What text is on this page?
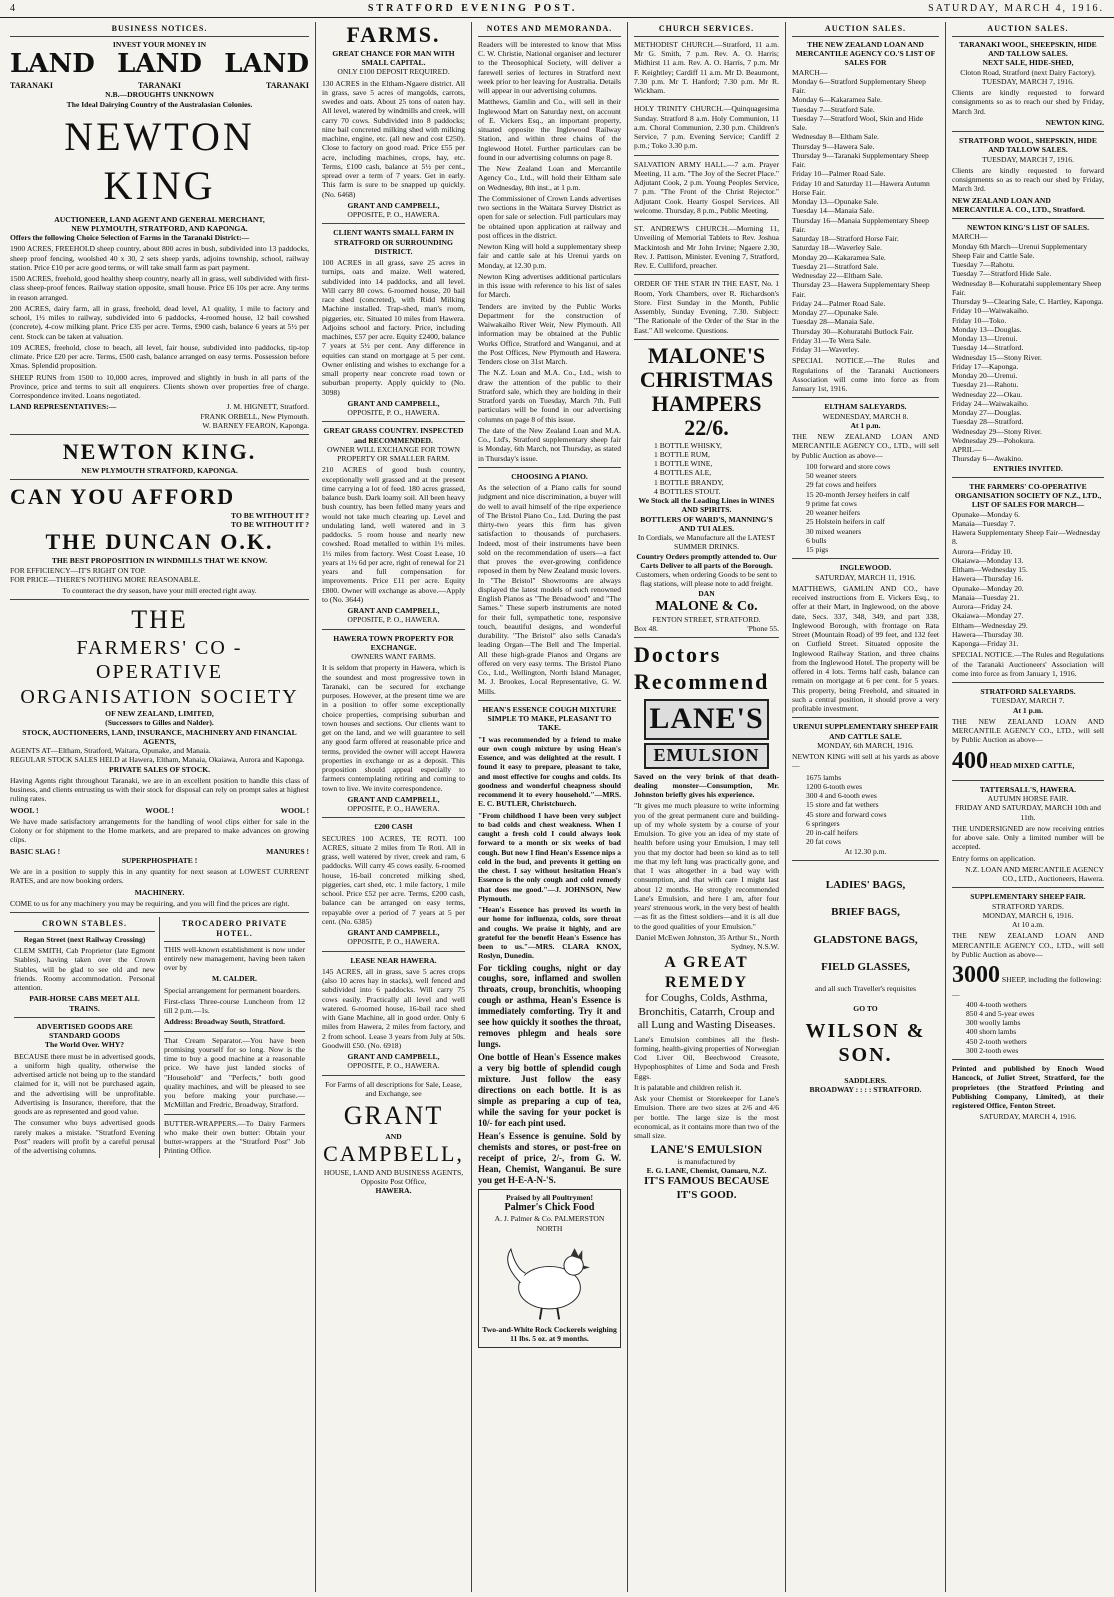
4	STRATFORD EVENING POST.	SATURDAY, MARCH 4, 1916.
BUSINESS NOTICES.
INVEST YOUR MONEY IN
LAND LAND LAND
TARANAKI	TARANAKI	TARANAKI
N.B.—DROUGHTS UNKNOWN
The Ideal Dairying Country of the Australasian Colonies.
NEWTON KING
AUCTIONEER, LAND AGENT AND GENERAL MERCHANT,
NEW PLYMOUTH, STRATFORD, AND KAPONGA.
Offers the following Choice Selection of Farms in the Taranaki District:—

1900 ACRES, FREEHOLD sheep country, about 800 acres in bush, subdivided into 13 paddocks, sheep proof fencing, woolshed 40 x 30, 2 sets sheep yards, adjoins township, school, railway station. Price £10 per acre good terms, or will take small farm as part payment.

1500 ACRES, freehold, good healthy sheep country, nearly all in grass, well subdivided with first-class sheep-proof fences. Railway station opposite, small house. Price £6 10s per acre. Any terms in reason arranged.

200 ACRES, dairy farm, all in grass, freehold, dead level, A1 quality, 1 mile to factory and school, 1½ miles to railway, subdivided into 6 paddocks, 4-roomed house, 12 bail cowshed (concrete), 4-cow milking plant. Price £35 per acre. Terms, £900 cash, balance 6 years at 5½ per cent. Stock can be taken at valuation.

109 ACRES, freehold, close to beach, all level, fair house, subdivided into paddocks, tip-top climate. Price £20 per acre. Terms, £500 cash, balance arranged on easy terms. Possession before Xmas. Splendid proposition.

SHEEP RUNS from 1500 to 10,000 acres, improved and slightly in bush in all parts of the Province, price and terms to suit all enquirers. Clients shown over properties free of charge. Correspondence invited. Loans negotiated.

LAND REPRESENTATIVES:—	J. M. HIGNETT, Stratford.
FRANK ORBELL, New Plymouth.
W. BARNEY FEARON, Kaponga.
NEWTON KING.
NEW PLYMOUTH STRATFORD, KAPONGA.
CAN YOU AFFORD
TO BE WITHOUT IT ?
TO BE WITHOUT IT ?
THE DUNCAN O.K.
THE BEST PROPOSITION IN WINDMILLS THAT WE KNOW.
FOR EFFICIENCY—IT'S RIGHT ON TOP.
FOR PRICE—THERE'S NOTHING MORE REASONABLE.

To counteract the dry season, have your mill erected right away.

THE
FARMERS' CO - OPERATIVE ORGANISATION SOCIETY
OF NEW ZEALAND, LIMITED,
(Successors to Gilles and Nalder).
STOCK, AUCTIONEERS, LAND, INSURANCE, MACHINERY AND FINANCIAL AGENTS,
AGENTS AT—Eltham, Stratford, Waitara, Opunake, and Manaia.
REGULAR STOCK SALES HELD at Hawera, Eltham, Manaia, Okaiawa, Aurora and Kaponga.
PRIVATE SALES OF STOCK.

Having Agents right throughout Taranaki, we are in an excellent position to handle this class of business, and clients entrusting us with their stock for disposal can rely on prompt sales at highest ruling rates.

WOOL !	WOOL !	WOOL !

We have made satisfactory arrangements for the handling of wool clips either for sale in the Colony or for shipment to the Home markets, and are prepared to make advances on growing clips.

BASIC SLAG !	MANURES !
SUPERPHOSPHATE !

We are in a position to supply this in any quantity for next season at LOWEST CURRENT RATES, and are now booking orders.

MACHINERY.

COME to us for any machinery you may be requiring, and you will find the prices are right.

CROWN STABLES.
Regan Street (next Railway Crossing)

CLEM SMITH, Cab Proprietor (late Egmont Stables), having taken over the Crown Stables, will be glad to see old and new friends. Roomy accommodation. Personal attention.

PAIR-HORSE CABS MEET ALL TRAINS.
ADVERTISED GOODS ARE
STANDARD GOODS
The World Over. WHY?

BECAUSE there must be in advertised goods, a uniform high quality, otherwise the advertised article not being up to the standard claimed for it, will not be purchased again, and the advertising will be unprofitable. Advertising is Insurance, therefore, that the goods are as represented and good value.

The consumer who buys advertised goods rarely makes a mistake. "Stratford Evening Post" readers will profit by a careful perusal of the advertising columns.

TROCADERO PRIVATE HOTEL.

THIS well-known establishment is now under entirely new management, having been taken over by

M. CALDER.

Special arrangement for permanent boarders.

First-class Three-course Luncheon from 12 till 2 p.m.—1s.

Address: Broadway South, Stratford.

That Cream Separator.—You have been promising yourself for so long. Now is the time to buy a good machine at a reasonable price. We have just landed stocks of "Household" and "Perfects," both good quality machines, and will be pleased to see you before making your purchase.—McMillan and Fredric, Broadway, Stratford.

BUTTER-WRAPPERS.—To Dairy Farmers who make their own butter: Obtain your butter-wrappers at the "Stratford Post" Job Printing Office.

FARMS.
GREAT CHANCE FOR MAN WITH SMALL CAPITAL.
ONLY £100 DEPOSIT REQUIRED.

130 ACRES in the Eltham-Ngaere district. All in grass, save 5 acres of mangolds, carrots, swedes and oats. About 25 tons of oaten hay. All level, watered by windmills and creek, will carry 70 cows. Subdivided into 8 paddocks; nine bail concreted milking shed with milking machine, engine, etc. (all new and cost £250). Close to factory on good road. Price £55 per acre, including machines, crops, hay, etc. Terms, £100 cash, balance at 5½ per cent., spread over a term of 7 years. Get in early. This farm is sure to be snapped up quickly. (No. 6468)

GRANT AND CAMPBELL,
OPPOSITE, P. O., HAWERA.
CLIENT WANTS SMALL FARM IN STRATFORD OR SURROUNDING DISTRICT.

100 ACRES in all grass, save 25 acres in turnips, oats and maize. Well watered, subdivided into 14 paddocks, and all level. Will carry 80 cows. 6-roomed house, 20 bail race shed (concreted), with Ridd Milking Machine installed. Trap-shed, man's room, piggeries, etc. Situated 10 miles from Hawera. Adjoins school and factory. Price, including machines, £57 per acre. Equity £2400, balance 7 years at 5½ per cent. Any difference in equities can stand on mortgage at 5 per cent. Owner enlisting and wishes to exchange for a small property near concrete road town or suburban property. Apply quickly to (No. 3098)

GRANT AND CAMPBELL,
OPPOSITE, P. O., HAWERA.
GREAT GRASS COUNTRY. INSPECTED and RECOMMENDED.
OWNER WILL EXCHANGE FOR TOWN PROPERTY OR SMALLER FARM.

210 ACRES of good bush country, exceptionally well grassed and at the present time carrying a lot of feed. 180 acres grassed, balance bush. Dark loamy soil. All been heavy bush country, has been felled many years and would not take much clearing up. Level and undulating land, well watered and in 3 paddocks. 5 room house and nearly new cowshed. Road metalled to within 1½ miles. 1½ miles from factory. West Coast Lease, 10 years at 1½ 6d per acre, right of renewal for 21 years and full compensation for improvements. Price £11 per acre. Equity £800. Owner will exchange as above.—Apply to (No. 3644)

GRANT AND CAMPBELL,
OPPOSITE, P. O., HAWERA.
HAWERA TOWN PROPERTY FOR EXCHANGE.
OWNERS WANT FARMS.

It is seldom that property in Hawera, which is the soundest and most progressive town in Taranaki, can be secured for exchange purposes. However, at the present time we are in a position to offer some exceptionally choice properties, comprising suburban and town houses and sections. Our clients want to get on the land, and we will guarantee to sell any good farm offered at reasonable price and terms, provided the owner will accept Hawera properties in exchange or as a deposit. This proposition should appeal especially to farmers contemplating retiring and coming to town to live. We invite correspondence.

GRANT AND CAMPBELL,
OPPOSITE, P. O., HAWERA.
£200 CASH

SECURES 100 ACRES, TE ROTI. 100 ACRES, situate 2 miles from Te Roti. All in grass, well watered by river, creek and ram, 6 paddocks. Will carry 45 cows easily. 6-roomed house, 16-bail concreted milking shed, piggeries, cart shed, etc. 1 mile factory, 1 mile school. Price £52 per acre. Terms, £200 cash, balance can be arranged on easy terms, repayable over a period of 7 years at 5 per cent. (No. 6385)

GRANT AND CAMPBELL,
OPPOSITE, P. O., HAWERA.
LEASE NEAR HAWERA.

145 ACRES, all in grass, save 5 acres crops (also 10 acres hay in stacks), well fenced and subdivided into 6 paddocks. Will carry 75 cows easily. Practically all level and well watered. 6-roomed house, 16-bail race shed with Gane Machine, all in good order. Only 6 miles from Hawera, 2 miles from factory, and 2 from school. Lease 3 years from July at 50s. Goodwill £50. (No. 6918)

GRANT AND CAMPBELL,
OPPOSITE, P. O., HAWERA.

For Farms of all descriptions for Sale, Lease, and Exchange, see

GRANT
AND
CAMPBELL,
HOUSE, LAND AND BUSINESS AGENTS,
Opposite Post Office,
HAWERA.
NOTES AND MEMORANDA.

Readers will be interested to know that Miss C. W. Christie, National organiser and lecturer to the Theosophical Society, will deliver a farewell series of lectures in Stratford next week prior to her leaving for Australia. Details will appear in our advertising columns.

Matthews, Gamlin and Co., will sell in their Inglewood Mart on Saturday next, on account of E. Vickers Esq., an important property, situated opposite the Inglewood Railway Station, and within three chains of the Inglewood Hotel. Further particulars can be found in our advertising columns on page 8.

The New Zealand Loan and Mercantile Agency Co., Ltd., will hold their Eltham sale on Wednesday, 8th inst., at 1 p.m.

The Commissioner of Crown Lands advertises two sections in the Waitara Survey District as open for sale or selection. Full particulars may be obtained upon application at railway and post offices in the district.

Newton King will hold a supplementary sheep fair and cattle sale at his Urenui yards on Monday, at 12.30 p.m.

Newton King advertises additional particulars in this issue with reference to his list of sales for March.

Tenders are invited by the Public Works Department for the construction of Waiwakaiho River Weir, New Plymouth. All information may be obtained at the Public Works Office, Stratford and Wanganui, and at the Post Offices, New Plymouth and Hawera. Tenders close on 31st March.

The N.Z. Loan and M.A. Co., Ltd., wish to draw the attention of the public to their Stratford sale, which they are holding in their Stratford yards on Tuesday, March 7th. Full particulars will be found in our advertising columns on page 8 of this issue.

The date of the New Zealand Loan and M.A. Co., Ltd's, Stratford supplementary sheep fair is Monday, 6th March, not Thursday, as stated in Thursday's issue.

CHOOSING A PIANO.

As the selection of a Piano calls for sound judgment and nice discrimination, a buyer will do well to avail himself of the ripe experience of The Bristol Piano Co., Ltd. During the past thirty-two years this firm has given satisfaction to thousands of purchasers. Indeed, most of their instruments have been sold on the recommendation of users—a fact that proves the ever-growing confidence reposed in them by New Zealand music lovers. In "The Bristol" Showrooms are always displayed the latest models of such renowned English Pianos as "The Broadwood" and "The Sames." These superb instruments are noted for their full, sympathetic tone, responsive touch, beautiful designs, and wonderful durability. "The Bristol" also sells Canada's leading Organ—The Bell and The Imperial. All these high-grade Pianos and Organs are offered on very easy terms. The Bristol Piano Co., Ltd., Wellington, North Island Manager, M. J. Brookes, Local Representative, G. W. Mills.

HEAN'S ESSENCE COUGH MIXTURE SIMPLE TO MAKE, PLEASANT TO TAKE.

"I was recommended by a friend to make our own cough mixture by using Hean's Essence, and was delighted at the result. I found it easy to prepare, pleasant to take, and most effective for coughs and colds. Its goodness and wonderful cheapness should recommend it to every household."—MRS. E. C. BUTLER, Christchurch.

"From childhood I have been very subject to bad colds and chest weakness. When I caught a fresh cold I could always look forward to a month or six weeks of bad cough. But now I find Hean's Essence nips a cold in the bud, and prevents it getting on the chest. I say without hesitation Hean's Essence is the only cough and cold remedy that does me good."—J. JOHNSON, New Plymouth.

"Hean's Essence has proved its worth in our home for influenza, colds, sore throat and coughs. We praise it highly, and are grateful for the benefit Hean's Essence has been to us."—MRS. CLARA KNOX, Roslyn, Dunedin.

For tickling coughs, night or day coughs, sore, inflamed and swollen throats, croup, bronchitis, whooping cough or asthma, Hean's Essence is immediately comforting. Try it and see how quickly it soothes the throat, removes phlegm and heals sore lungs.

One bottle of Hean's Essence makes a very big bottle of splendid cough mixture. Just follow the easy directions on each bottle. It is as simple as preparing a cup of tea, while the saving for your pocket is 10/- for each pint used.

Hean's Essence is genuine. Sold by chemists and stores, or post-free on receipt of price, 2/-, from G. W. Hean, Chemist, Wanganui. Be sure you get H-E-A-N-'S.

Praised by all Poultrymen!
Palmer's Chick Food
A. J. Palmer & Co. PALMERSTON NORTH
Two-and-White Rock Cockerels weighing 11 lbs. 5 oz. at 9 months.
CHURCH SERVICES.

METHODIST CHURCH.—Stratford, 11 a.m. Mr G. Smith, 7 p.m. Rev. A. O. Harris; Midhirst 11 a.m. Rev. A. O. Harris, 7 p.m. Mr F. Keightley; Cardiff 11 a.m. Mr D. Beaumont, 7.30 p.m. Mr T. Hanford; 7.30 p.m. Mr R. Wickham.

HOLY TRINITY CHURCH.—Quinquagesima Sunday. Stratford 8 a.m. Holy Communion, 11 a.m. Choral Communion, 2.30 p.m. Children's Service, 7 p.m. Evening Service; Cardiff 2 p.m.; Toko 3.30 p.m.

SALVATION ARMY HALL.—7 a.m. Prayer Meeting, 11 a.m. "The Joy of the Secret Place." Adjutant Cook, 2 p.m. Young Peoples Service, 7 p.m. "The Front of the Christ Rejector." Adjutant Cook. Hearty Gospel Services. All welcome. Thursday, 8 p.m., Public Meeting.

ST. ANDREW'S CHURCH.—Morning 11, Unveiling of Memorial Tablets to Rev. Joshua Mackintosh and Mr John Irvine; Ngaere 2.30, Rev. J. Pattison, Minister. Evening 7, Stratford, Rev. E. Culliford, preacher.

ORDER OF THE STAR IN THE EAST, No. 1 Room, York Chambers, over R. Richardson's Store. First Sunday in the Month, Public Assembly, Sunday Evening, 7.30. Subject: "The Rationale of the Order of the Star in the East." All welcome. Questions.

MALONE'S
CHRISTMAS
HAMPERS
22/6.
1 BOTTLE WHISKY,
1 BOTTLE RUM,
1 BOTTLE WINE,
4 BOTTLES ALE,
1 BOTTLE BRANDY,
4 BOTTLES STOUT.
We Stock all the Leading Lines in WINES AND SPIRITS.
BOTTLERS OF WARD'S, MANNING'S AND TUI ALES.
In Cordials, we Manufacture all the LATEST SUMMER DRINKS.
Country Orders promptly attended to. Our Carts Deliver to all parts of the Borough.
Customers, when ordering Goods to be sent to flag stations, will please note to add freight.
DAN
MALONE & Co.
FENTON STREET, STRATFORD.
Box 48.	'Phone 55.
Doctors
Recommend
LANE'S
EMULSION

Saved on the very brink of that death-dealing monster—Consumption, Mr. Johnston briefly gives his experience.

"It gives me much pleasure to write informing you of the great permanent cure and building-up of my whole system by a course of your Emulsion. To give you an idea of my state of health before using your Emulsion, I may tell you that my doctor had been so kind as to tell me that my left lung was practically gone, and that I was altogether in a bad way with consumption, and that with care I might last about 12 months. He strongly recommended Lane's Emulsion, and here I am, after four years' strenuous work, in the very best of health—as fit as the fittest soldiers—and it is all due to the good qualities of your Emulsion."

Daniel McEwen Johnston, 35 Arthur St., North Sydney, N.S.W.

A GREAT REMEDY
for Coughs, Colds, Asthma, Bronchitis, Catarrh, Croup and all Lung and Wasting Diseases.

Lane's Emulsion combines all the flesh-forming, health-giving properties of Norwegian Cod Liver Oil, Beechwood Creasote, Hypophosphites of Lime and Soda and Fresh Eggs.

It is palatable and children relish it.

Ask your Chemist or Storekeeper for Lane's Emulsion. There are two sizes at 2/6 and 4/6 per bottle. The large size is the most economical, as it contains more than two of the small size.

LANE'S EMULSION
is manufactured by
E. G. LANE, Chemist, Oamaru, N.Z.
IT'S FAMOUS BECAUSE IT'S GOOD.
AUCTION SALES.
THE NEW ZEALAND LOAN AND MERCANTILE AGENCY CO.'S LIST OF SALES FOR
MARCH—
Monday 6—Stratford Supplementary Sheep Fair.
Monday 6—Kakaramea Sale.
Tuesday 7—Stratford Sale.
Tuesday 7—Stratford Wool, Skin and Hide Sale.
Wednesday 8—Eltham Sale.
Thursday 9—Hawera Sale.
Thursday 9—Taranaki Supplementary Sheep Fair.
Friday 10—Palmer Road Sale.
Friday 10 and Saturday 11—Hawera Autumn Horse Fair.
Monday 13—Opunake Sale.
Tuesday 14—Manaia Sale.
Thursday 16—Manaia Supplementary Sheep Fair.
Saturday 18—Stratford Horse Fair.
Saturday 18—Waverley Sale.
Monday 20—Kakaramea Sale.
Tuesday 21—Stratford Sale.
Wednesday 22—Eltham Sale.
Thursday 23—Hawera Supplementary Sheep Fair.
Friday 24—Palmer Road Sale.
Monday 27—Opunake Sale.
Tuesday 28—Manaia Sale.
Thursday 30—Kohuratahi Butlock Fair.
Friday 31—Te Wera Sale.
Friday 31—Waverley.

SPECIAL NOTICE.—The Rules and Regulations of the Taranaki Auctioneers Association will come into force as from January 1st, 1916.

ELTHAM SALEYARDS.
WEDNESDAY, MARCH 8.
At 1 p.m.

THE NEW ZEALAND LOAN AND MERCANTILE AGENCY CO., LTD., will sell by Public Auction as above—

100 forward and store cows
50 weaner steers
29 fat cows and heifers
15 20-month Jersey heifers in calf
9 prime fat cows
20 weaner heifers
25 Holstein heifers in calf
30 mixed weaners
6 bulls
15 pigs
INGLEWOOD.
SATURDAY, MARCH 11, 1916.

MATTHEWS, GAMLIN AND CO., have received instructions from E. Vickers Esq., to offer at their Mart, in Inglewood, on the above date, Secs. 337, 348, 349, and part 338, Inglewood Borough, with frontage on Rata Street (Mountain Road) of 99 feet, and 132 feet on Cutfield Street. Situated opposite the Inglewood Railway Station, and three chains from the Inglewood Hotel. The property will be offered in 4 lots. Terms half cash, balance can remain on mortgage at 6 per cent. for 5 years. This property, being Freehold, and situated in such a central position, it should prove a very profitable investment.

URENUI SUPPLEMENTARY SHEEP FAIR AND CATTLE SALE.
MONDAY, 6th MARCH, 1916.

NEWTON KING will sell at his yards as above—

1675 lambs
1200 6-tooth ewes
300 4 and 6-tooth ewes
15 store and fat wethers
45 store and forward cows
6 springers
20 in-calf heifers
20 fat cows
At 12.30 p.m.
LADIES' BAGS,
BRIEF BAGS,
GLADSTONE BAGS,
FIELD GLASSES,
and all such Traveller's requisites
GO TO
WILSON &
SON.
SADDLERS.
BROADWAY : : : : STRATFORD.
AUCTION SALES.
TARANAKI WOOL, SHEEPSKIN, HIDE AND TALLOW SALES.
NEXT SALE, HIDE-SHED,
Cloton Road, Stratford (next Dairy Factory).
TUESDAY, MARCH 7, 1916.

Clients are kindly requested to forward consignments so as to reach our shed by Friday, March 3rd.

NEWTON KING.
STRATFORD WOOL, SHEPSKIN, HIDE AND TALLOW SALES.
TUESDAY, MARCH 7, 1916.

Clients are kindly requested to forward consignments so as to reach our shed by Friday, March 3rd.

NEW ZEALAND LOAN AND MERCANTILE A. CO., LTD., Stratford.
NEWTON KING'S LIST OF SALES.
MARCH—
Monday 6th March—Urenui Supplementary Sheep Fair and Cattle Sale.
Tuesday 7—Rahotu.
Tuesday 7—Stratford Hide Sale.
Wednesday 8—Kohuratahi supplementary Sheep Fair.
Thursday 9—Clearing Sale, C. Hartley, Kaponga.
Friday 10—Waiwakaiho.
Friday 10—Toko.
Monday 13—Douglas.
Monday 13—Urenui.
Tuesday 14—Stratford.
Wednesday 15—Stony River.
Friday 17—Kaponga.
Monday 20—Urenui.
Tuesday 21—Rahotu.
Wednesday 22—Okau.
Friday 24—Waiwakaiho.
Monday 27—Douglas.
Tuesday 28—Stratford.
Wednesday 29—Stony River.
Wednesday 29—Pohokura.
APRIL—
Thursday 6—Awakino.
ENTRIES INVITED.
THE FARMERS' CO-OPERATIVE ORGANISATION SOCIETY OF N.Z., LTD., LIST OF SALES FOR MARCH—
Opunake—Monday 6.
Manaia—Tuesday 7.
Hawera Supplementary Sheep Fair—Wednesday 8.
Aurora—Friday 10.
Okaiawa—Monday 13.
Eltham—Wednesday 15.
Hawera—Thursday 16.
Opunake—Monday 20.
Manaia—Tuesday 21.
Aurora—Friday 24.
Okaiawa—Monday 27.
Eltham—Wednesday 29.
Hawera—Thursday 30.
Kaponga—Friday 31.

SPECIAL NOTICE.—The Rules and Regulations of the Taranaki Auctioneers' Association will come into force as from January 1, 1916.

STRATFORD SALEYARDS.
TUESDAY, MARCH 7.
At 1 p.m.

THE NEW ZEALAND LOAN AND MERCANTILE AGENCY CO., LTD., will sell by Public Auction as above—

400 HEAD MIXED CATTLE,
TATTERSALL'S, HAWERA.
AUTUMN HORSE FAIR.
FRIDAY AND SATURDAY, MARCH 10th and 11th.

THE UNDERSIGNED are now receiving entries for above sale. Only a limited number will be accepted.

Entry forms on application.

N.Z. LOAN AND MERCANTILE AGENCY CO., LTD., Auctioneers, Hawera.

SUPPLEMENTARY SHEEP FAIR.
STRATFORD YARDS.
MONDAY, MARCH 6, 1916.
At 10 a.m.

THE NEW ZEALAND LOAN AND MERCANTILE AGENCY CO., LTD., will sell by Public Auction as above—

3000 SHEEP, including the following:—
400 4-tooth wethers
850 4 and 5-year ewes
300 woolly lambs
400 shorn lambs
450 2-tooth wethers
300 2-tooth ewes

Printed and published by Enoch Wood Hancock, of Juliet Street, Stratford, for the proprietors (the Stratford Printing and Publishing Company, Limited), at their registered Office, Fenton Street.

SATURDAY, MARCH 4, 1916.
